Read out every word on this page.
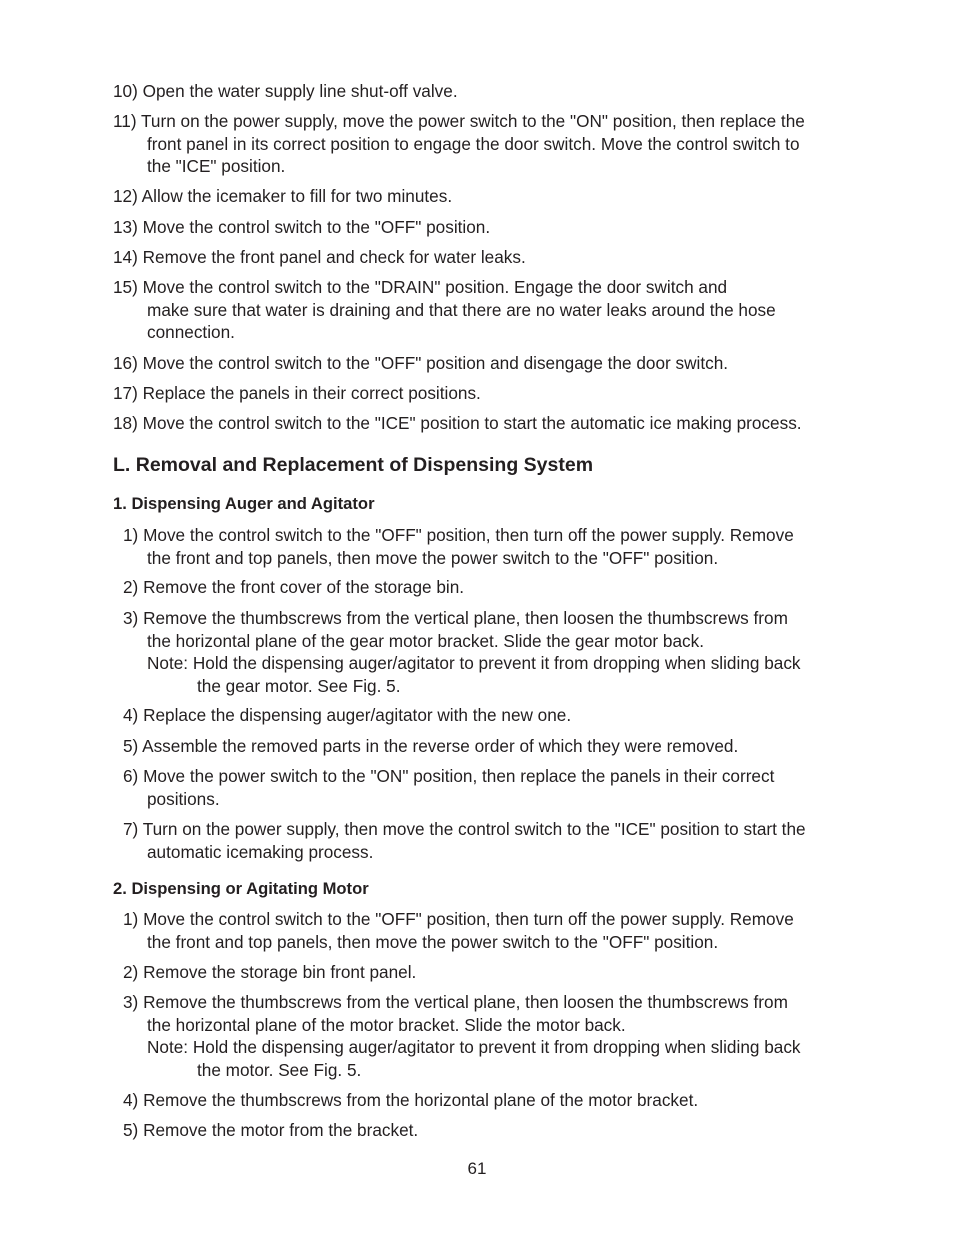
10) Open the water supply line shut-off valve.
11) Turn on the power supply, move the power switch to the "ON" position, then replace the
front panel in its correct position to engage the door switch. Move the control switch to
the "ICE" position.
12) Allow the icemaker to fill for two minutes.
13) Move the control switch to the "OFF" position.
14) Remove the front panel and check for water leaks.
15) Move the control switch to the "DRAIN" position. Engage the door switch and
make sure that water is draining and that there are no water leaks around the hose
connection.
16) Move the control switch to the "OFF" position and disengage the door switch.
17) Replace the panels in their correct positions.
18) Move the control switch to the "ICE" position to start the automatic ice making process.
L. Removal and Replacement of Dispensing System
1. Dispensing Auger and Agitator
1) Move the control switch to the "OFF" position, then turn off the power supply. Remove
the front and top panels, then move the power switch to the "OFF" position.
2) Remove the front cover of the storage bin.
3) Remove the thumbscrews from the vertical plane, then loosen the thumbscrews from
the horizontal plane of the gear motor bracket. Slide the gear motor back.
Note: Hold the dispensing auger/agitator to prevent it from dropping when sliding back
the gear motor. See Fig. 5.
4) Replace the dispensing auger/agitator with the new one.
5) Assemble the removed parts in the reverse order of which they were removed.
6) Move the power switch to the "ON" position, then replace the panels in their correct
positions.
7) Turn on the power supply, then move the control switch to the "ICE" position to start the
automatic icemaking process.
2. Dispensing or Agitating Motor
1) Move the control switch to the "OFF" position, then turn off the power supply. Remove
the front and top panels, then move the power switch to the "OFF" position.
2) Remove the storage bin front panel.
3) Remove the thumbscrews from the vertical plane, then loosen the thumbscrews from
the horizontal plane of the motor bracket. Slide the motor back.
Note: Hold the dispensing auger/agitator to prevent it from dropping when sliding back
the motor. See Fig. 5.
4) Remove the thumbscrews from the horizontal plane of the motor bracket.
5) Remove the motor from the bracket.
61
